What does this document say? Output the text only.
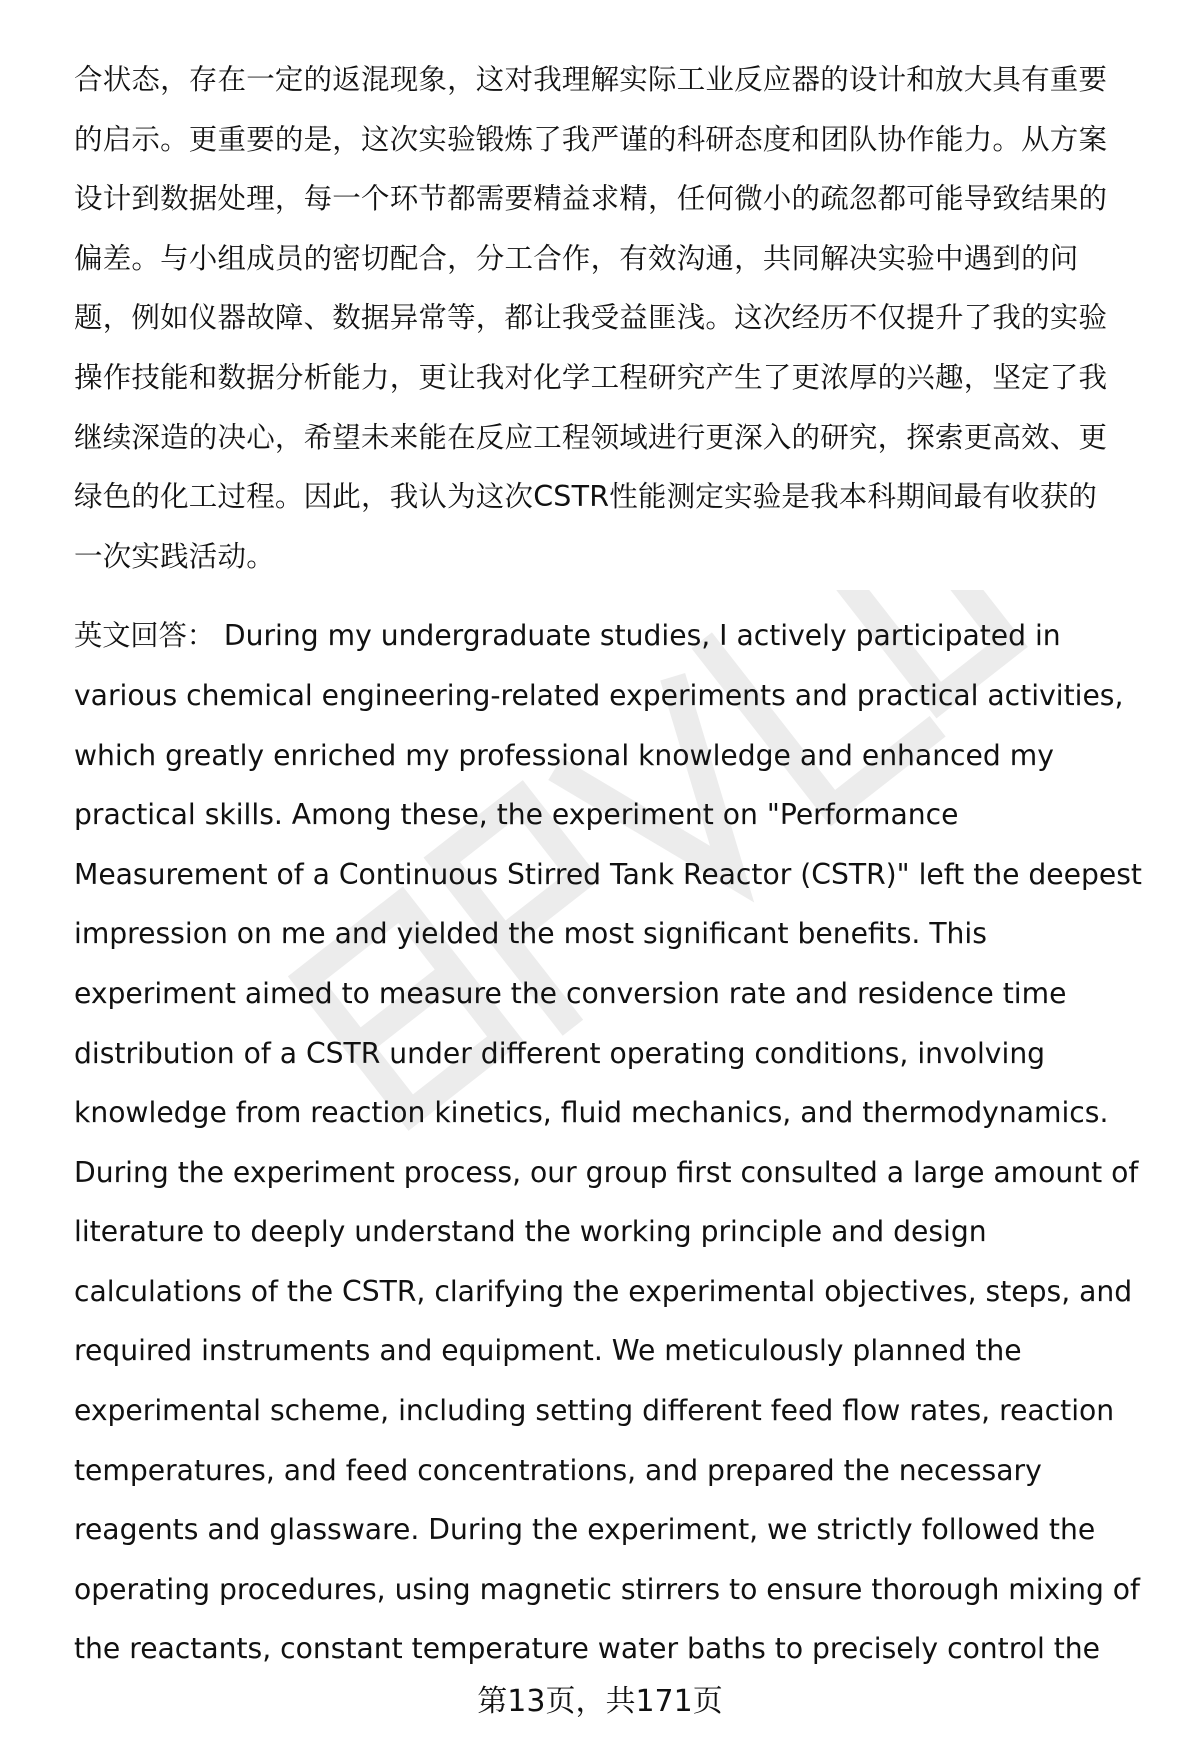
合状态，存在一定的返混现象，这对我理解实际工业反应器的设计和放大具有重要
的启示。更重要的是，这次实验锻炼了我严谨的科研态度和团队协作能力。从方案
设计到数据处理，每一个环节都需要精益求精，任何微小的疏忽都可能导致结果的
偏差。与小组成员的密切配合，分工合作，有效沟通，共同解决实验中遇到的问
题，例如仪器故障、数据异常等，都让我受益匪浅。这次经历不仅提升了我的实验
操作技能和数据分析能力，更让我对化学工程研究产生了更浓厚的兴趣，坚定了我
继续深造的决心，希望未来能在反应工程领域进行更深入的研究，探索更高效、更
绿色的化工过程。因此，我认为这次CSTR性能测定实验是我本科期间最有收获的
一次实践活动。
英文回答： During my undergraduate studies, I actively participated in
various chemical engineering-related experiments and practical activities,
which greatly enriched my professional knowledge and enhanced my
practical skills. Among these, the experiment on "Performance
Measurement of a Continuous Stirred Tank Reactor (CSTR)" left the deepest
impression on me and yielded the most significant benefits. This
experiment aimed to measure the conversion rate and residence time
distribution of a CSTR under different operating conditions, involving
knowledge from reaction kinetics, fluid mechanics, and thermodynamics.
During the experiment process, our group first consulted a large amount of
literature to deeply understand the working principle and design
calculations of the CSTR, clarifying the experimental objectives, steps, and
required instruments and equipment. We meticulously planned the
experimental scheme, including setting different feed flow rates, reaction
temperatures, and feed concentrations, and prepared the necessary
reagents and glassware. During the experiment, we strictly followed the
operating procedures, using magnetic stirrers to ensure thorough mixing of
the reactants, constant temperature water baths to precisely control the
第13页，共171页
